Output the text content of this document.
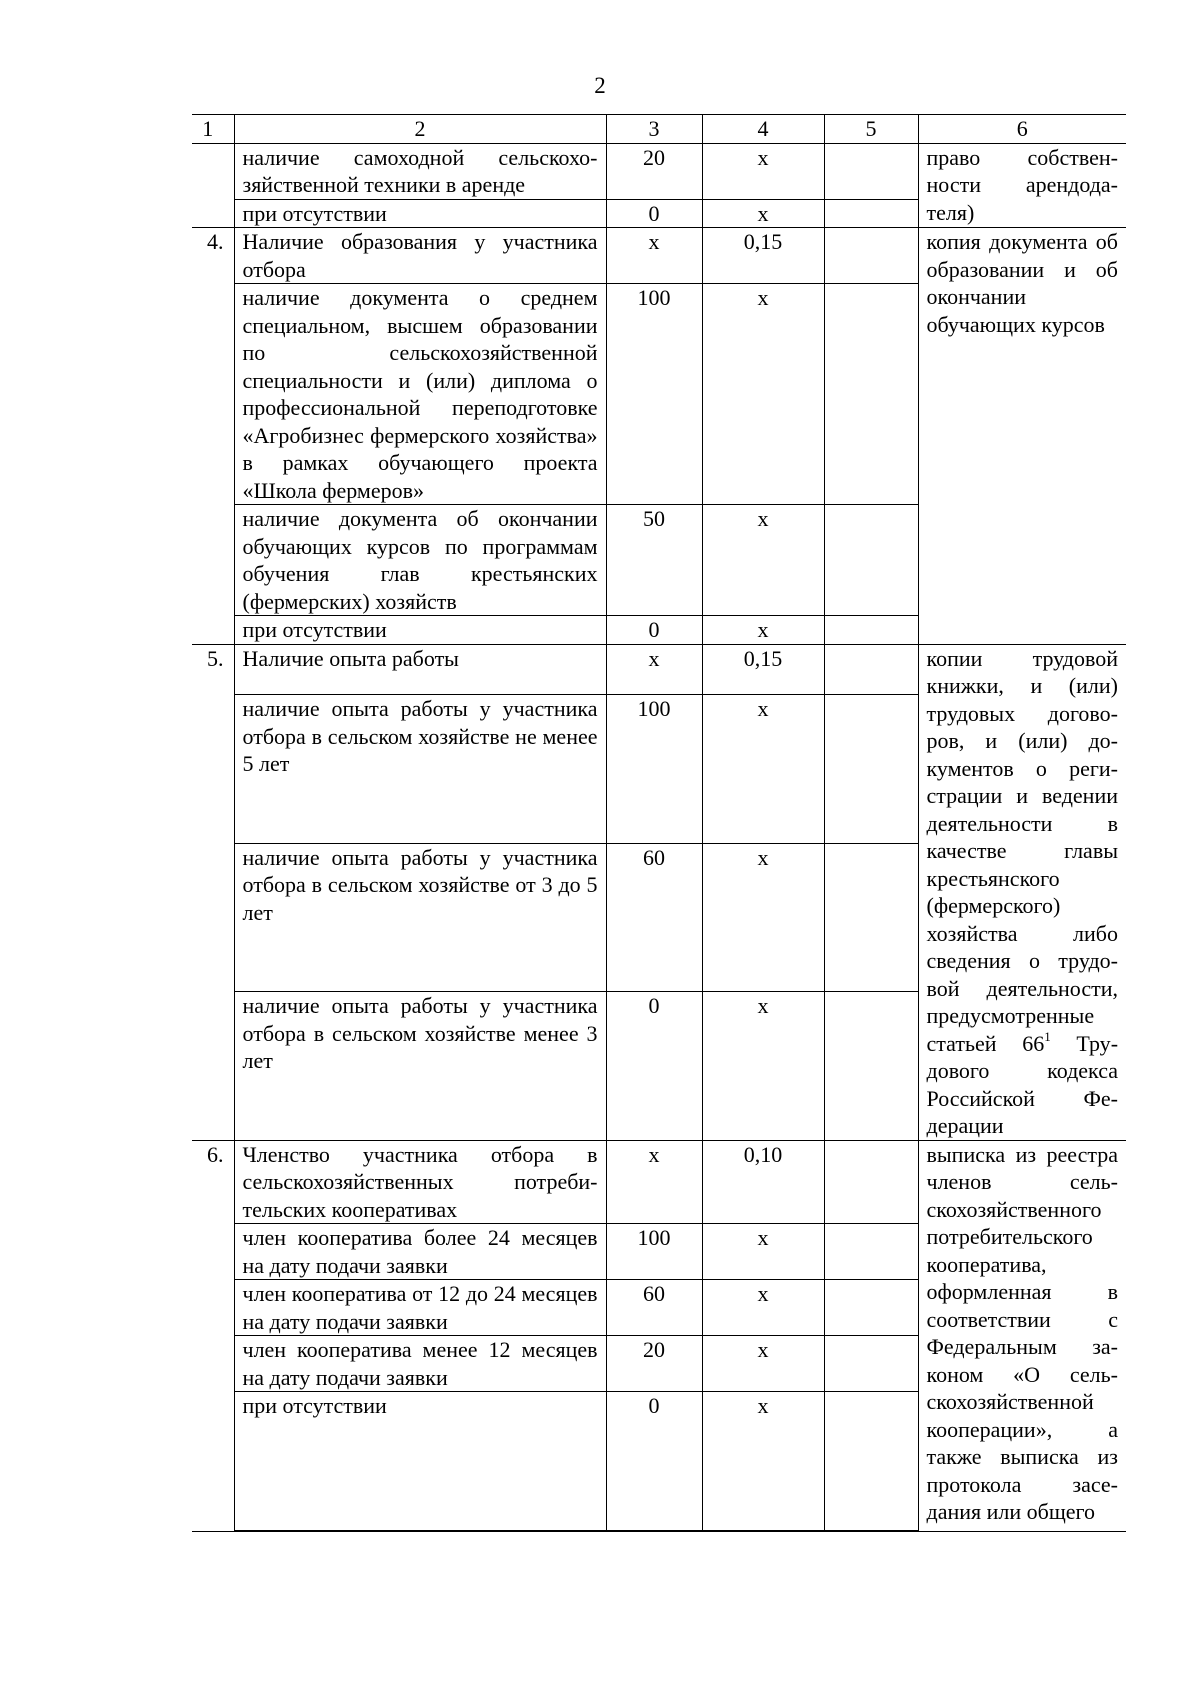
2
1	2	3	4	5	6
	наличие самоходной сельскохозяйственной техники в аренде	20	х		право собственности арендодателя)
	при отсутствии	0	х		
4.	Наличие образования у участника отбора	х	0,15		копия документа об образовании и об окончании обучающих курсов
	наличие документа о среднем специальном, высшем образовании по сельскохозяйственной специальности и (или) диплома о профессиональной переподготовке «Агробизнес фермерского хозяйства» в рамках обучающего проекта «Школа фермеров»	100	х		
	наличие документа об окончании обучающих курсов по программам обучения глав крестьянских (фермерских) хозяйств	50	х		
	при отсутствии	0	х		
5.	Наличие опыта работы	х	0,15		копии трудовой книжки, и (или) трудовых договоров, и (или) документов о регистрации и ведении деятельности в качестве главы крестьянского (фермерского) хозяйства либо сведения о трудовой деятельности, предусмотренные статьей $66^1$ Трудового кодекса Российской Федерации
	наличие опыта работы у участника отбора в сельском хозяйстве не менее 5 лет	100	х		
	наличие опыта работы у участника отбора в сельском хозяйстве от 3 до 5 лет	60	х		
	наличие опыта работы у участника отбора в сельском хозяйстве менее 3 лет	0	х		
6.	Членство участника отбора в сельскохозяйственных потребительских кооперативах	х	0,10		выписка из реестра членов сельскохозяйственного потребительского кооператива, оформленная в соответствии с Федеральным законом «О сельскохозяйственной кооперации», а также выписка из протокола заседания или общего
	член кооператива более 24 месяцев на дату подачи заявки	100	х		
	член кооператива от 12 до 24 месяцев на дату подачи заявки	60	х		
	член кооператива менее 12 месяцев на дату подачи заявки	20	х		
	при отсутствии	0	х		
